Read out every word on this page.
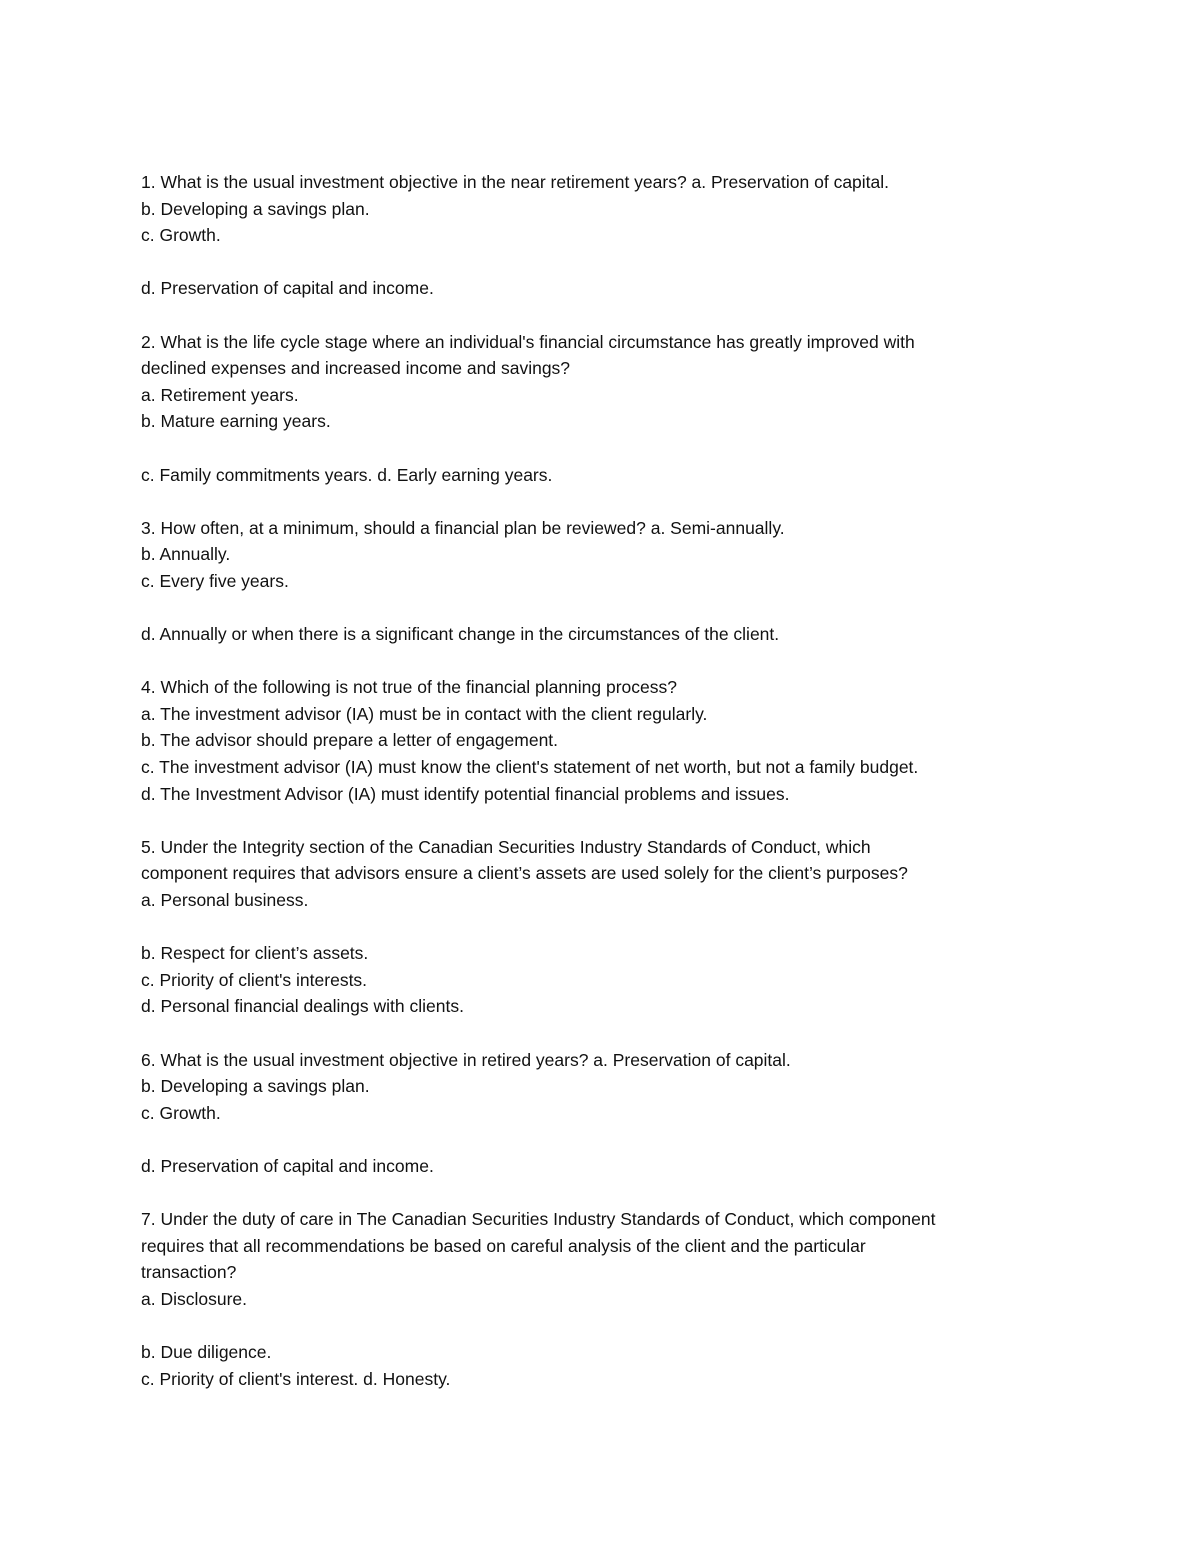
1. What is the usual investment objective in the near retirement years? a. Preservation of capital.
b. Developing a savings plan.
c. Growth.
d. Preservation of capital and income.
2. What is the life cycle stage where an individual's financial circumstance has greatly improved with
declined expenses and increased income and savings?
a. Retirement years.
b. Mature earning years.
c. Family commitments years. d. Early earning years.
3. How often, at a minimum, should a financial plan be reviewed? a. Semi-annually.
b. Annually.
c. Every five years.
d. Annually or when there is a significant change in the circumstances of the client.
4. Which of the following is not true of the financial planning process?
a. The investment advisor (IA) must be in contact with the client regularly.
b. The advisor should prepare a letter of engagement.
c. The investment advisor (IA) must know the client's statement of net worth, but not a family budget.
d. The Investment Advisor (IA) must identify potential financial problems and issues.
5. Under the Integrity section of the Canadian Securities Industry Standards of Conduct, which
component requires that advisors ensure a client’s assets are used solely for the client’s purposes?
a. Personal business.
b. Respect for client’s assets.
c. Priority of client's interests.
d. Personal financial dealings with clients.
6. What is the usual investment objective in retired years? a. Preservation of capital.
b. Developing a savings plan.
c. Growth.
d. Preservation of capital and income.
7. Under the duty of care in The Canadian Securities Industry Standards of Conduct, which component
requires that all recommendations be based on careful analysis of the client and the particular
transaction?
a. Disclosure.
b. Due diligence.
c. Priority of client's interest. d. Honesty.
